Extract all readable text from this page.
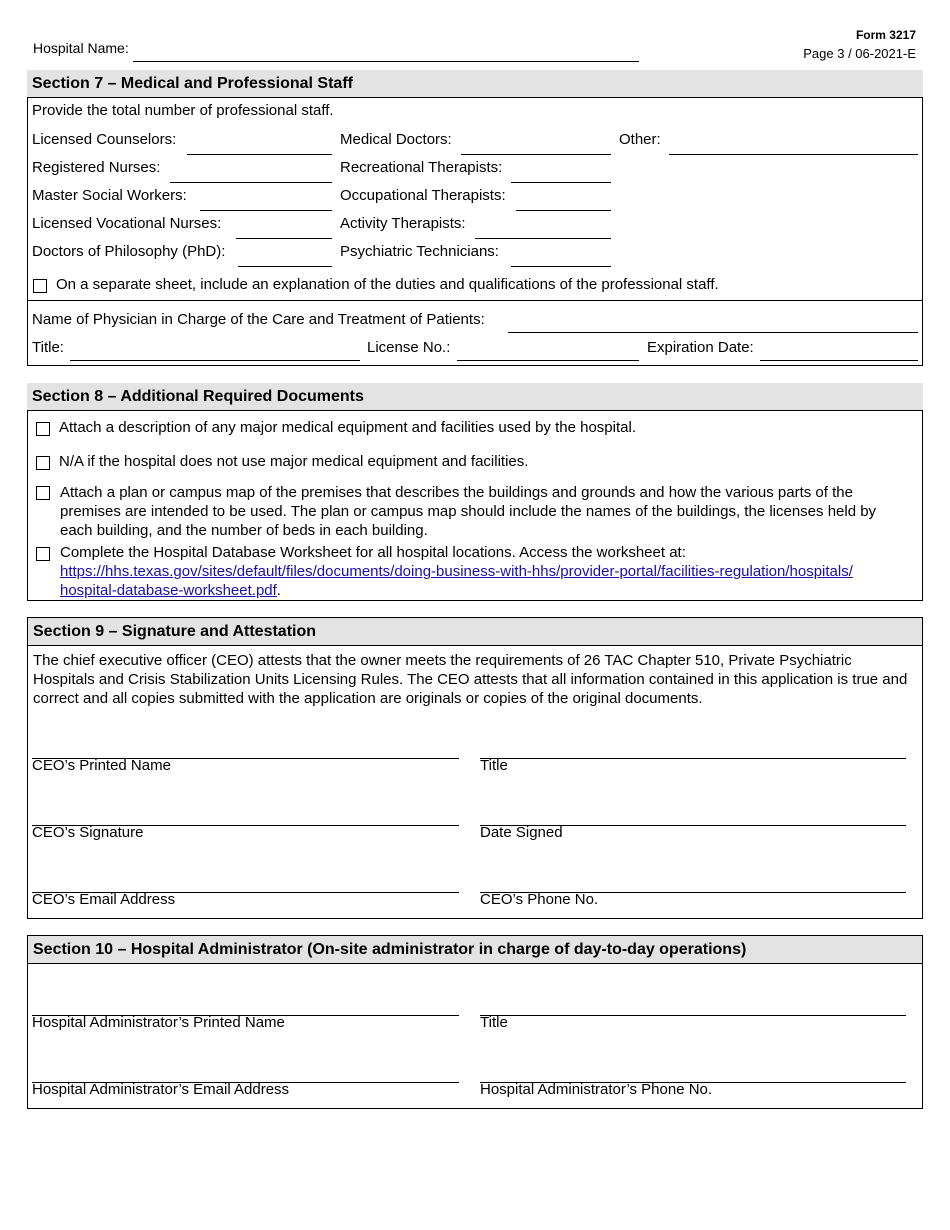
Hospital Name:
Form 3217
Page 3 / 06-2021-E
Section 7 – Medical and Professional Staff
Provide the total number of professional staff.
Licensed Counselors:	Medical Doctors:	Other:
Registered Nurses:	Recreational Therapists:
Master Social Workers:	Occupational Therapists:
Licensed Vocational Nurses:	Activity Therapists:
Doctors of Philosophy (PhD):	Psychiatric Technicians:
On a separate sheet, include an explanation of the duties and qualifications of the professional staff.
Name of Physician in Charge of the Care and Treatment of Patients:
Title:	License No.:	Expiration Date:
Section 8 – Additional Required Documents
Attach a description of any major medical equipment and facilities used by the hospital.
N/A if the hospital does not use major medical equipment and facilities.
Attach a plan or campus map of the premises that describes the buildings and grounds and how the various parts of the premises are intended to be used. The plan or campus map should include the names of the buildings, the licenses held by each building, and the number of beds in each building.
Complete the Hospital Database Worksheet for all hospital locations. Access the worksheet at:
https://hhs.texas.gov/sites/default/files/documents/doing-business-with-hhs/provider-portal/facilities-regulation/hospitals/
hospital-database-worksheet.pdf.
Section 9 – Signature and Attestation
The chief executive officer (CEO) attests that the owner meets the requirements of 26 TAC Chapter 510, Private Psychiatric Hospitals and Crisis Stabilization Units Licensing Rules. The CEO attests that all information contained in this application is true and correct and all copies submitted with the application are originals or copies of the original documents.
CEO’s Printed Name	Title
CEO’s Signature	Date Signed
CEO’s Email Address	CEO’s Phone No.
Section 10 – Hospital Administrator (On-site administrator in charge of day-to-day operations)
Hospital Administrator’s Printed Name	Title
Hospital Administrator’s Email Address	Hospital Administrator’s Phone No.
